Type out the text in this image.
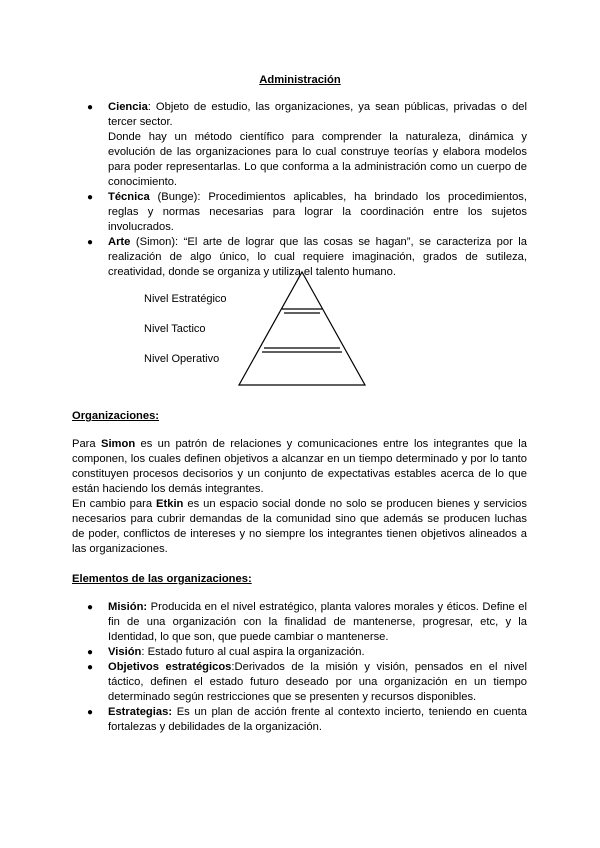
Administración
● Ciencia: Objeto de estudio, las organizaciones, ya sean públicas, privadas o del tercer sector.
Donde hay un método científico para comprender la naturaleza, dinámica y evolución de las organizaciones para lo cual construye teorías y elabora modelos para poder representarlas. Lo que conforma a la administración como un cuerpo de conocimiento.
● Técnica (Bunge): Procedimientos aplicables, ha brindado los procedimientos, reglas y normas necesarias para lograr la coordinación entre los sujetos involucrados.
● Arte (Simon): “El arte de lograr que las cosas se hagan”, se caracteriza por la realización de algo único, lo cual requiere imaginación, grados de sutileza, creatividad, donde se organiza y utiliza el talento humano.
Nivel Estratégico
Nivel Tactico
Nivel Operativo
Organizaciones:

Para Simon es un patrón de relaciones y comunicaciones entre los integrantes que la componen, los cuales definen objetivos a alcanzar en un tiempo determinado y por lo tanto constituyen procesos decisorios y un conjunto de expectativas estables acerca de lo que están haciendo los demás integrantes.

En cambio para Etkin es un espacio social donde no solo se producen bienes y servicios necesarios para cubrir demandas de la comunidad sino que además se producen luchas de poder, conflictos de intereses y no siempre los integrantes tienen objetivos alineados a las organizaciones.

Elementos de las organizaciones:
● Misión: Producida en el nivel estratégico, planta valores morales y éticos. Define el fin de una organización con la finalidad de mantenerse, progresar, etc, y la Identidad, lo que son, que puede cambiar o mantenerse.
● Visión: Estado futuro al cual aspira la organización.
● Objetivos estratégicos:Derivados de la misión y visión, pensados en el nivel táctico, definen el estado futuro deseado por una organización en un tiempo determinado según restricciones que se presenten y recursos disponibles.
● Estrategias: Es un plan de acción frente al contexto incierto, teniendo en cuenta fortalezas y debilidades de la organización.
